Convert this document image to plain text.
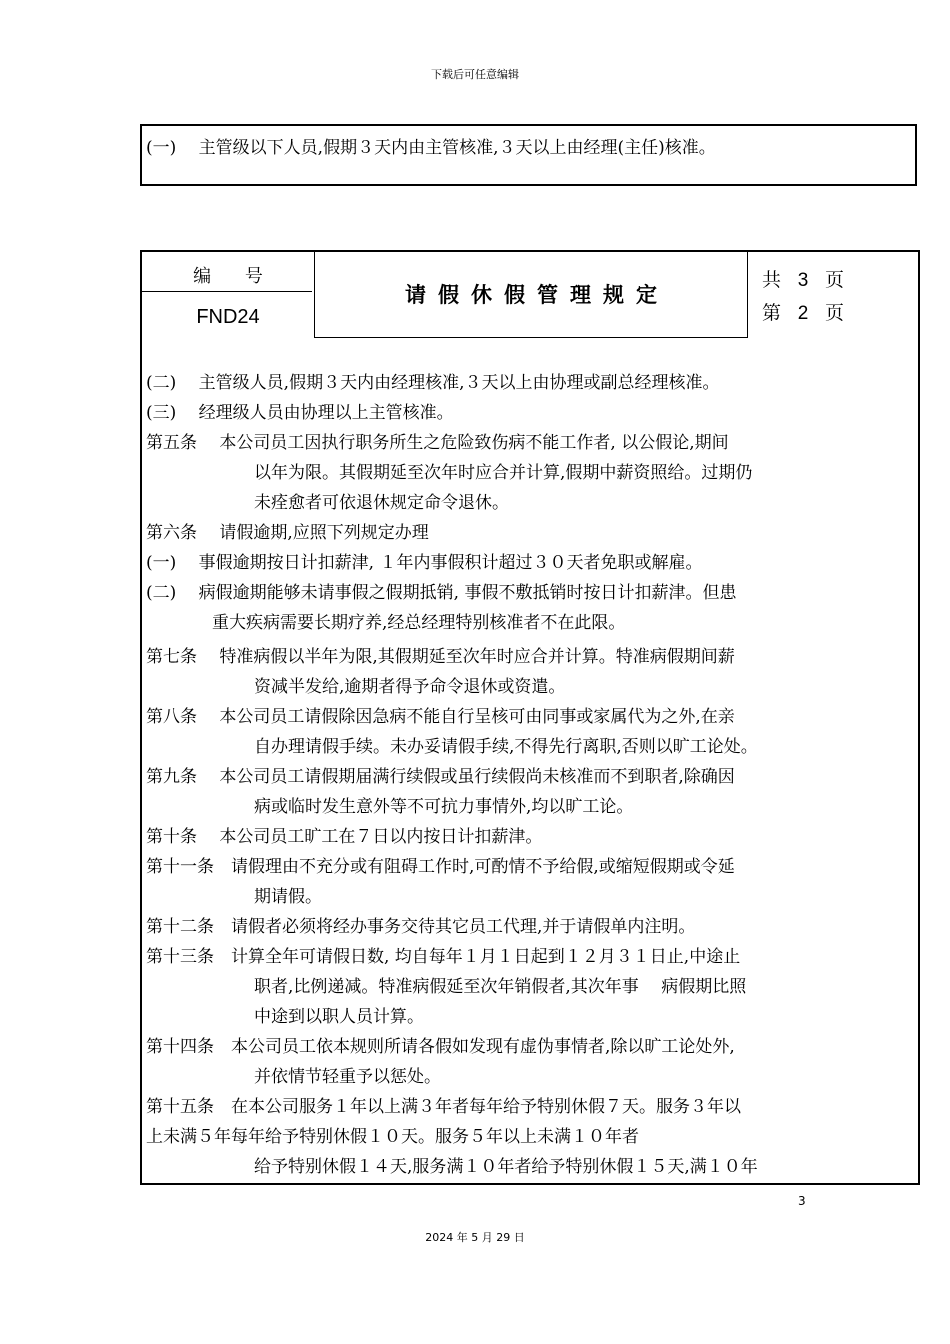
下载后可任意编辑
(一)　 主管级以下人员,假期３天内由主管核准,３天以上由经理(主任)核准。
编 号
FND24
请假休假管理规定
共 3 页
第 2 页
(二)　 主管级人员,假期３天内由经理核准,３天以上由协理或副总经理核准。
(三)　 经理级人员由协理以上主管核准。
第五条　 本公司员工因执行职务所生之危险致伤病不能工作者, 以公假论,期间
以年为限。其假期延至次年时应合并计算,假期中薪资照给。过期仍
未痊愈者可依退休规定命令退休。
第六条　 请假逾期,应照下列规定办理
(一)　 事假逾期按日计扣薪津, １年内事假积计超过３０天者免职或解雇。
(二)　 病假逾期能够未请事假之假期抵销, 事假不敷抵销时按日计扣薪津。但患
重大疾病需要长期疗养,经总经理特别核准者不在此限。
第七条　 特准病假以半年为限,其假期延至次年时应合并计算。特准病假期间薪
资减半发给,逾期者得予命令退休或资遣。
第八条　 本公司员工请假除因急病不能自行呈核可由同事或家属代为之外,在亲
自办理请假手续。未办妥请假手续,不得先行离职,否则以旷工论处。
第九条　 本公司员工请假期届满行续假或虽行续假尚未核准而不到职者,除确因
病或临时发生意外等不可抗力事情外,均以旷工论。
第十条　 本公司员工旷工在７日以内按日计扣薪津。
第十一条　请假理由不充分或有阻碍工作时,可酌情不予给假,或缩短假期或令延
期请假。
第十二条　请假者必须将经办事务交待其它员工代理,并于请假单内注明。
第十三条　计算全年可请假日数, 均自每年１月１日起到１２月３１日止,中途止
职者,比例递减。特准病假延至次年销假者,其次年事　 病假期比照
中途到以职人员计算。
第十四条　本公司员工依本规则所请各假如发现有虚伪事情者,除以旷工论处外,
并依情节轻重予以惩处。
第十五条　在本公司服务１年以上满３年者每年给予特别休假７天。服务３年以
上未满５年每年给予特别休假１０天。服务５年以上未满１０年者
给予特别休假１４天,服务满１０年者给予特别休假１５天,满１０年
3
2024 年 5 月 29 日
